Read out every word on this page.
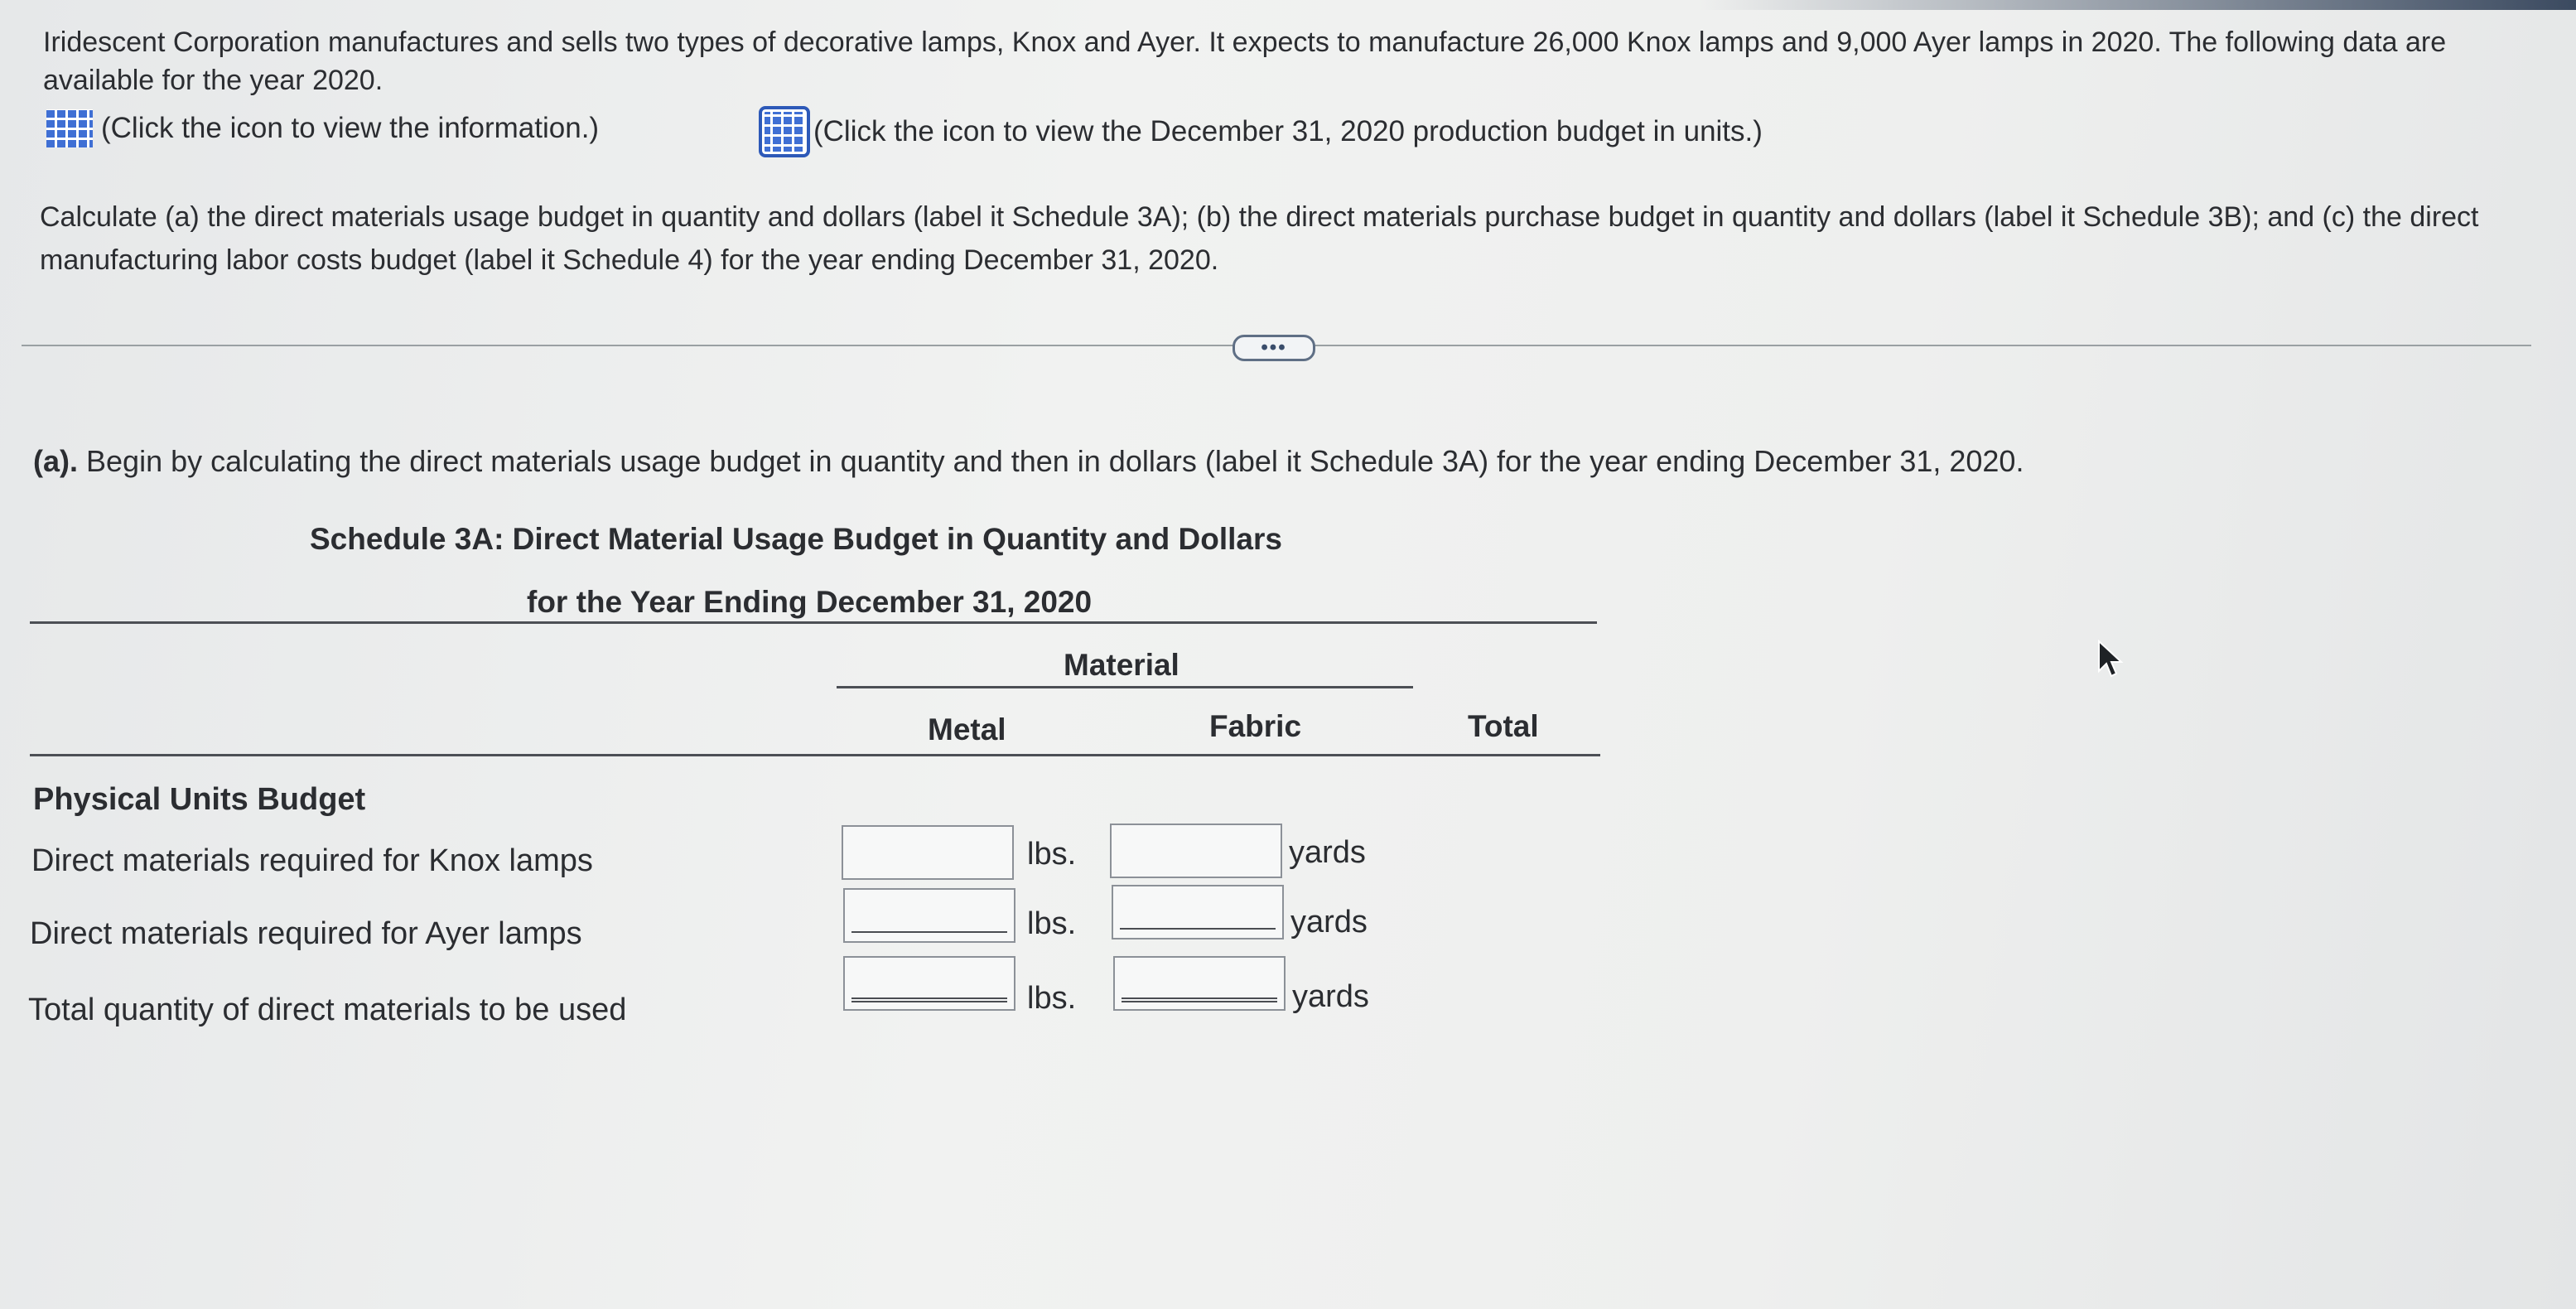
Iridescent Corporation manufactures and sells two types of decorative lamps, Knox and Ayer. It expects to manufacture 26,000 Knox lamps and 9,000 Ayer lamps in 2020. The following data are available for the year 2020.
(Click the icon to view the information.)	(Click the icon to view the December 31, 2020 production budget in units.)
Calculate (a) the direct materials usage budget in quantity and dollars (label it Schedule 3A); (b) the direct materials purchase budget in quantity and dollars (label it Schedule 3B); and (c) the direct manufacturing labor costs budget (label it Schedule 4) for the year ending December 31, 2020.
•••
(a). Begin by calculating the direct materials usage budget in quantity and then in dollars (label it Schedule 3A) for the year ending December 31, 2020.
Schedule 3A: Direct Material Usage Budget in Quantity and Dollars
for the Year Ending December 31, 2020
Material
Metal	Fabric	Total
Physical Units Budget
Direct materials required for Knox lamps	lbs.	yards
Direct materials required for Ayer lamps	lbs.	yards
Total quantity of direct materials to be used	lbs.	yards
